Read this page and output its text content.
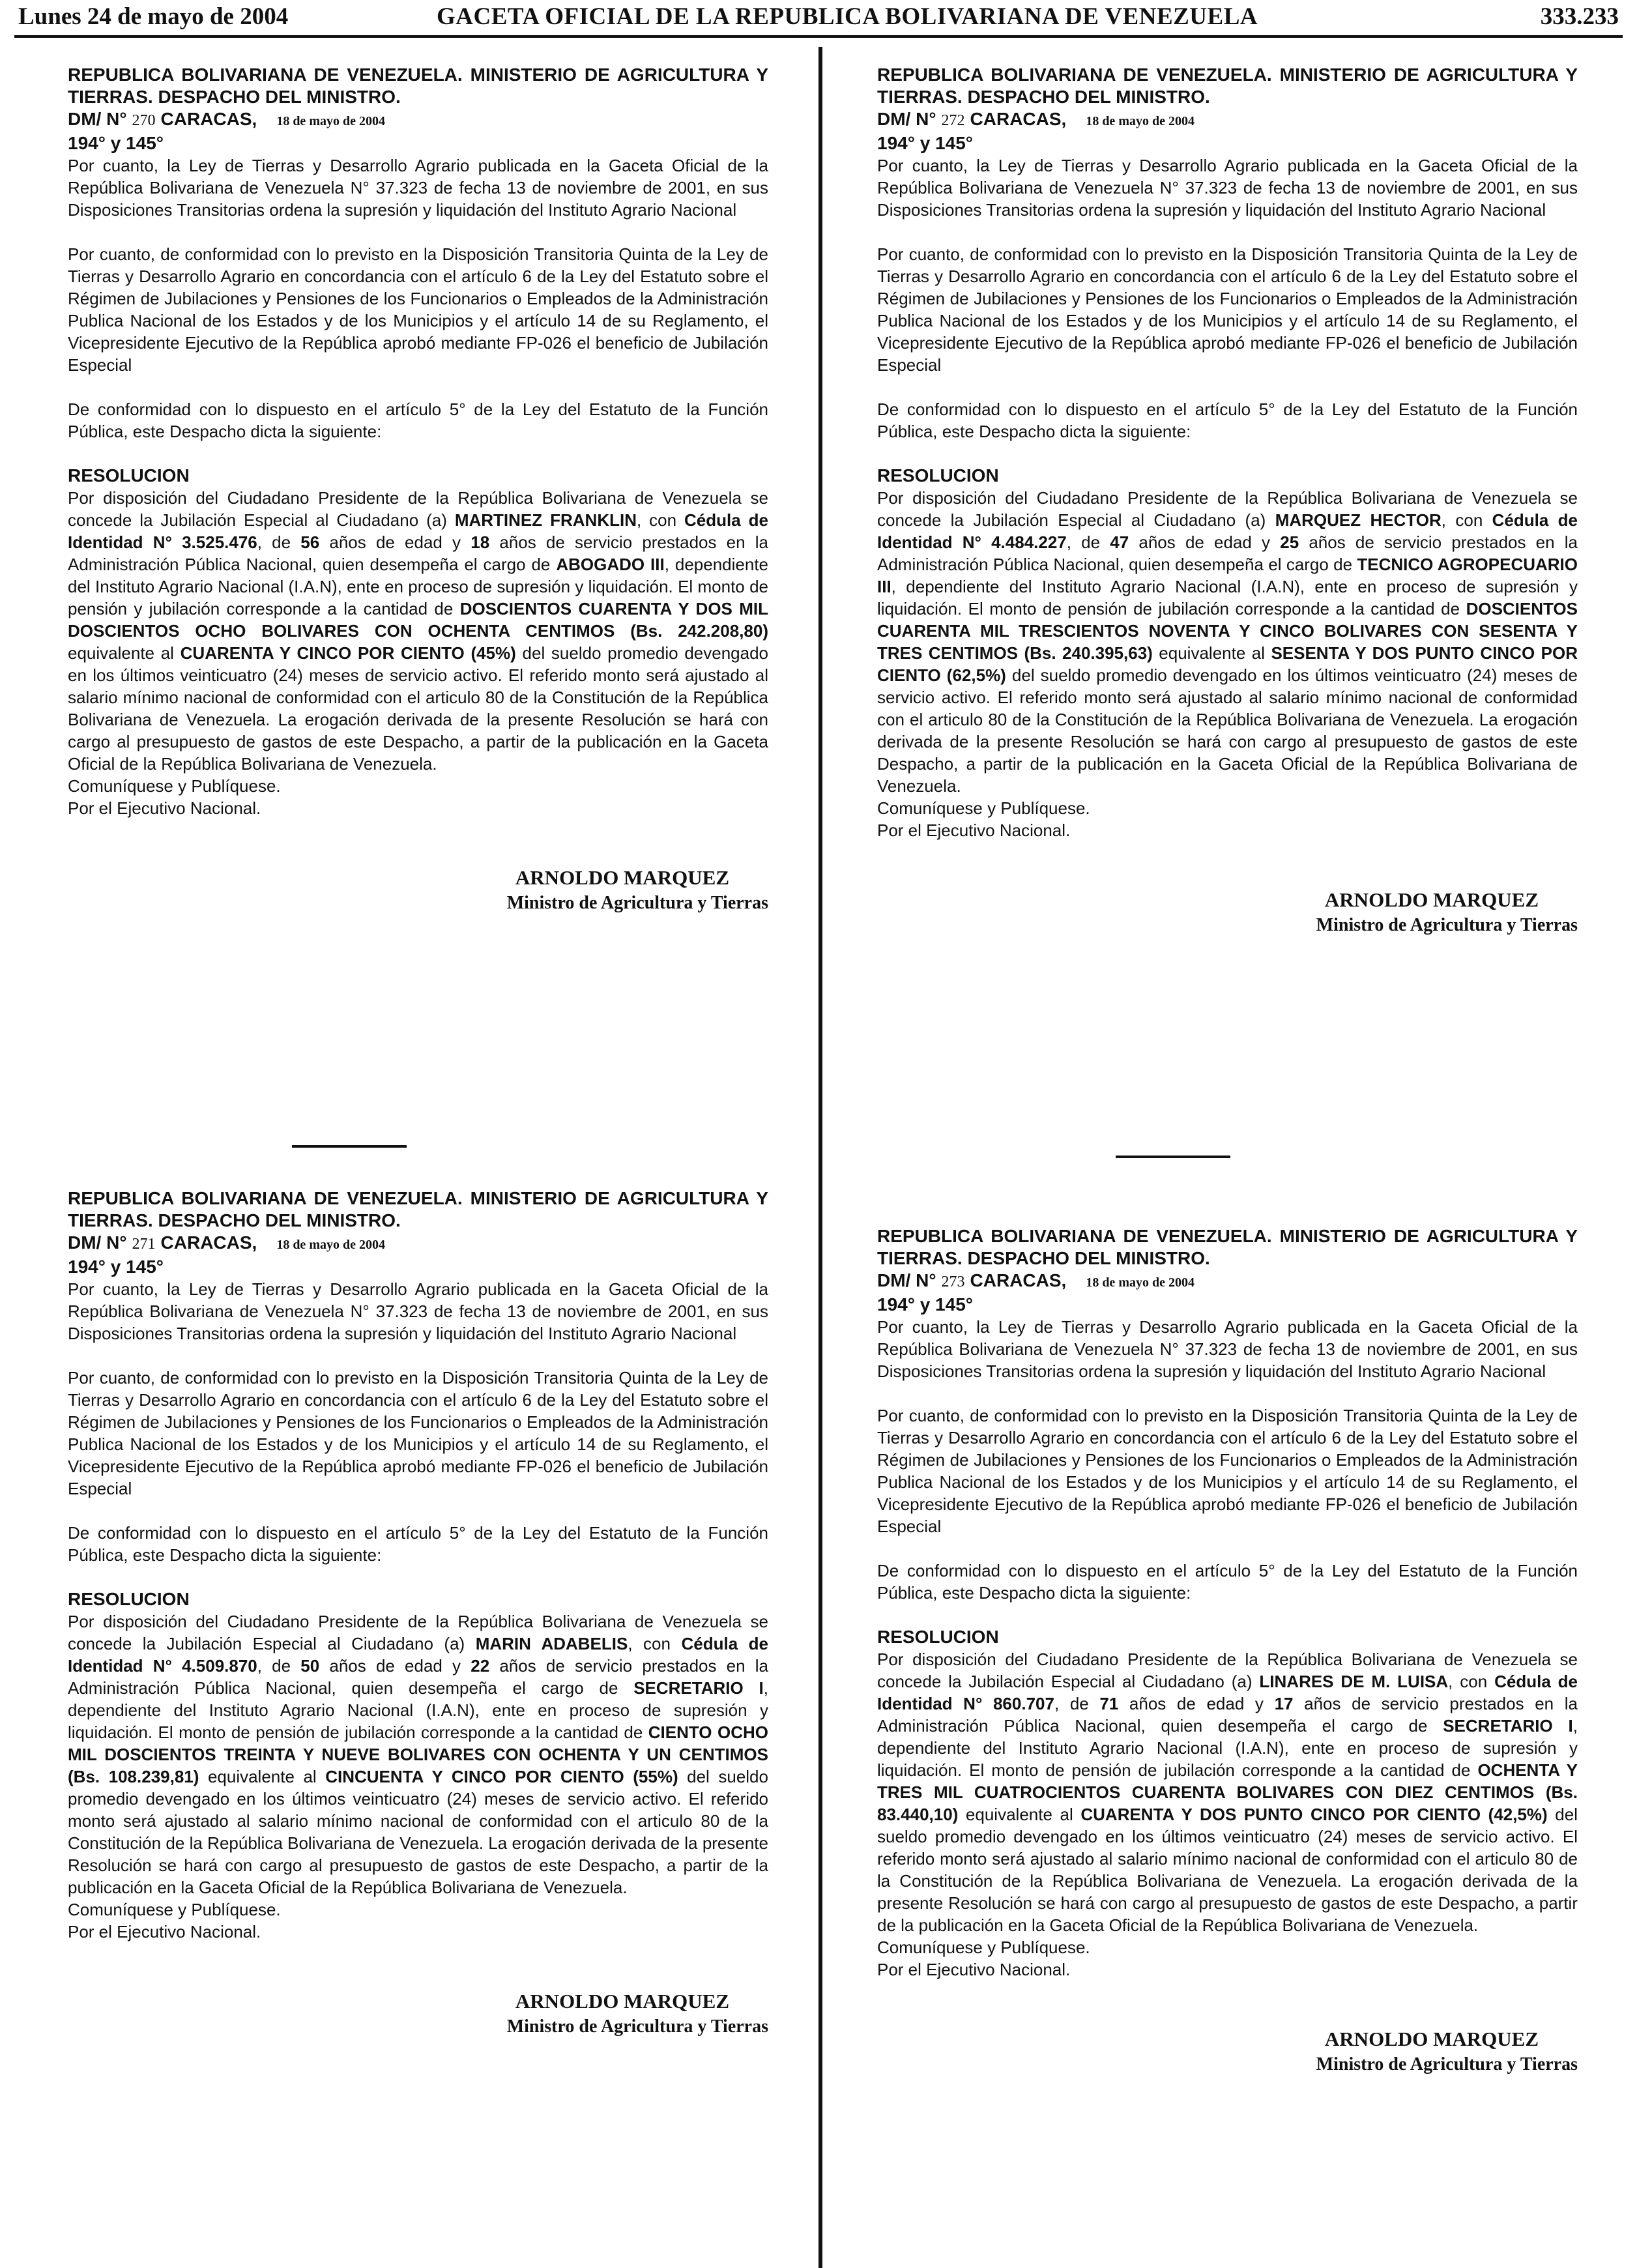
Lunes 24 de mayo de 2004	GACETA OFICIAL DE LA REPUBLICA BOLIVARIANA DE VENEZUELA	333.233

REPUBLICA BOLIVARIANA DE VENEZUELA. MINISTERIO DE AGRICULTURA Y TIERRAS. DESPACHO DEL MINISTRO.
DM/ N° 270 CARACAS, 18 de mayo de 2004

194° y 145°

Por cuanto, la Ley de Tierras y Desarrollo Agrario publicada en la Gaceta Oficial de la República Bolivariana de Venezuela N° 37.323 de fecha 13 de noviembre de 2001, en sus Disposiciones Transitorias ordena la supresión y liquidación del Instituto Agrario Nacional

Por cuanto, de conformidad con lo previsto en la Disposición Transitoria Quinta de la Ley de Tierras y Desarrollo Agrario en concordancia con el artículo 6 de la Ley del Estatuto sobre el Régimen de Jubilaciones y Pensiones de los Funcionarios o Empleados de la Administración Publica Nacional de los Estados y de los Municipios y el artículo 14 de su Reglamento, el Vicepresidente Ejecutivo de la República aprobó mediante FP-026 el beneficio de Jubilación Especial

De conformidad con lo dispuesto en el artículo 5° de la Ley del Estatuto de la Función Pública, este Despacho dicta la siguiente:

RESOLUCION

Por disposición del Ciudadano Presidente de la República Bolivariana de Venezuela se concede la Jubilación Especial al Ciudadano (a) MARTINEZ FRANKLIN, con Cédula de Identidad N° 3.525.476, de 56 años de edad y 18 años de servicio prestados en la Administración Pública Nacional, quien desempeña el cargo de ABOGADO III, dependiente del Instituto Agrario Nacional (I.A.N), ente en proceso de supresión y liquidación. El monto de pensión y jubilación corresponde a la cantidad de DOSCIENTOS CUARENTA Y DOS MIL DOSCIENTOS OCHO BOLIVARES CON OCHENTA CENTIMOS (Bs. 242.208,80) equivalente al CUARENTA Y CINCO POR CIENTO (45%) del sueldo promedio devengado en los últimos veinticuatro (24) meses de servicio activo. El referido monto será ajustado al salario mínimo nacional de conformidad con el articulo 80 de la Constitución de la República Bolivariana de Venezuela. La erogación derivada de la presente Resolución se hará con cargo al presupuesto de gastos de este Despacho, a partir de la publicación en la Gaceta Oficial de la República Bolivariana de Venezuela.

Comuníquese y Publíquese.

Por el Ejecutivo Nacional.

ARNOLDO MARQUEZ
Ministro de Agricultura y Tierras

REPUBLICA BOLIVARIANA DE VENEZUELA. MINISTERIO DE AGRICULTURA Y TIERRAS. DESPACHO DEL MINISTRO.
DM/ N° 271 CARACAS, 18 de mayo de 2004

194° y 145°

Por cuanto, la Ley de Tierras y Desarrollo Agrario publicada en la Gaceta Oficial de la República Bolivariana de Venezuela N° 37.323 de fecha 13 de noviembre de 2001, en sus Disposiciones Transitorias ordena la supresión y liquidación del Instituto Agrario Nacional

Por cuanto, de conformidad con lo previsto en la Disposición Transitoria Quinta de la Ley de Tierras y Desarrollo Agrario en concordancia con el artículo 6 de la Ley del Estatuto sobre el Régimen de Jubilaciones y Pensiones de los Funcionarios o Empleados de la Administración Publica Nacional de los Estados y de los Municipios y el artículo 14 de su Reglamento, el Vicepresidente Ejecutivo de la República aprobó mediante FP-026 el beneficio de Jubilación Especial

De conformidad con lo dispuesto en el artículo 5° de la Ley del Estatuto de la Función Pública, este Despacho dicta la siguiente:

RESOLUCION

Por disposición del Ciudadano Presidente de la República Bolivariana de Venezuela se concede la Jubilación Especial al Ciudadano (a) MARIN ADABELIS, con Cédula de Identidad N° 4.509.870, de 50 años de edad y 22 años de servicio prestados en la Administración Pública Nacional, quien desempeña el cargo de SECRETARIO I, dependiente del Instituto Agrario Nacional (I.A.N), ente en proceso de supresión y liquidación. El monto de pensión de jubilación corresponde a la cantidad de CIENTO OCHO MIL DOSCIENTOS TREINTA Y NUEVE BOLIVARES CON OCHENTA Y UN CENTIMOS (Bs. 108.239,81) equivalente al CINCUENTA Y CINCO POR CIENTO (55%) del sueldo promedio devengado en los últimos veinticuatro (24) meses de servicio activo. El referido monto será ajustado al salario mínimo nacional de conformidad con el articulo 80 de la Constitución de la República Bolivariana de Venezuela. La erogación derivada de la presente Resolución se hará con cargo al presupuesto de gastos de este Despacho, a partir de la publicación en la Gaceta Oficial de la República Bolivariana de Venezuela.

Comuníquese y Publíquese.

Por el Ejecutivo Nacional.

ARNOLDO MARQUEZ
Ministro de Agricultura y Tierras

REPUBLICA BOLIVARIANA DE VENEZUELA. MINISTERIO DE AGRICULTURA Y TIERRAS. DESPACHO DEL MINISTRO.
DM/ N° 272 CARACAS, 18 de mayo de 2004

194° y 145°

Por cuanto, la Ley de Tierras y Desarrollo Agrario publicada en la Gaceta Oficial de la República Bolivariana de Venezuela N° 37.323 de fecha 13 de noviembre de 2001, en sus Disposiciones Transitorias ordena la supresión y liquidación del Instituto Agrario Nacional

Por cuanto, de conformidad con lo previsto en la Disposición Transitoria Quinta de la Ley de Tierras y Desarrollo Agrario en concordancia con el artículo 6 de la Ley del Estatuto sobre el Régimen de Jubilaciones y Pensiones de los Funcionarios o Empleados de la Administración Publica Nacional de los Estados y de los Municipios y el artículo 14 de su Reglamento, el Vicepresidente Ejecutivo de la República aprobó mediante FP-026 el beneficio de Jubilación Especial

De conformidad con lo dispuesto en el artículo 5° de la Ley del Estatuto de la Función Pública, este Despacho dicta la siguiente:

RESOLUCION

Por disposición del Ciudadano Presidente de la República Bolivariana de Venezuela se concede la Jubilación Especial al Ciudadano (a) MARQUEZ HECTOR, con Cédula de Identidad N° 4.484.227, de 47 años de edad y 25 años de servicio prestados en la Administración Pública Nacional, quien desempeña el cargo de TECNICO AGROPECUARIO III, dependiente del Instituto Agrario Nacional (I.A.N), ente en proceso de supresión y liquidación. El monto de pensión de jubilación corresponde a la cantidad de DOSCIENTOS CUARENTA MIL TRESCIENTOS NOVENTA Y CINCO BOLIVARES CON SESENTA Y TRES CENTIMOS (Bs. 240.395,63) equivalente al SESENTA Y DOS PUNTO CINCO POR CIENTO (62,5%) del sueldo promedio devengado en los últimos veinticuatro (24) meses de servicio activo. El referido monto será ajustado al salario mínimo nacional de conformidad con el articulo 80 de la Constitución de la República Bolivariana de Venezuela. La erogación derivada de la presente Resolución se hará con cargo al presupuesto de gastos de este Despacho, a partir de la publicación en la Gaceta Oficial de la República Bolivariana de Venezuela.

Comuníquese y Publíquese.

Por el Ejecutivo Nacional.

ARNOLDO MARQUEZ
Ministro de Agricultura y Tierras

REPUBLICA BOLIVARIANA DE VENEZUELA. MINISTERIO DE AGRICULTURA Y TIERRAS. DESPACHO DEL MINISTRO.
DM/ N° 273 CARACAS, 18 de mayo de 2004

194° y 145°

Por cuanto, la Ley de Tierras y Desarrollo Agrario publicada en la Gaceta Oficial de la República Bolivariana de Venezuela N° 37.323 de fecha 13 de noviembre de 2001, en sus Disposiciones Transitorias ordena la supresión y liquidación del Instituto Agrario Nacional

Por cuanto, de conformidad con lo previsto en la Disposición Transitoria Quinta de la Ley de Tierras y Desarrollo Agrario en concordancia con el artículo 6 de la Ley del Estatuto sobre el Régimen de Jubilaciones y Pensiones de los Funcionarios o Empleados de la Administración Publica Nacional de los Estados y de los Municipios y el artículo 14 de su Reglamento, el Vicepresidente Ejecutivo de la República aprobó mediante FP-026 el beneficio de Jubilación Especial

De conformidad con lo dispuesto en el artículo 5° de la Ley del Estatuto de la Función Pública, este Despacho dicta la siguiente:

RESOLUCION

Por disposición del Ciudadano Presidente de la República Bolivariana de Venezuela se concede la Jubilación Especial al Ciudadano (a) LINARES DE M. LUISA, con Cédula de Identidad N° 860.707, de 71 años de edad y 17 años de servicio prestados en la Administración Pública Nacional, quien desempeña el cargo de SECRETARIO I, dependiente del Instituto Agrario Nacional (I.A.N), ente en proceso de supresión y liquidación. El monto de pensión de jubilación corresponde a la cantidad de OCHENTA Y TRES MIL CUATROCIENTOS CUARENTA BOLIVARES CON DIEZ CENTIMOS (Bs. 83.440,10) equivalente al CUARENTA Y DOS PUNTO CINCO POR CIENTO (42,5%) del sueldo promedio devengado en los últimos veinticuatro (24) meses de servicio activo. El referido monto será ajustado al salario mínimo nacional de conformidad con el articulo 80 de la Constitución de la República Bolivariana de Venezuela. La erogación derivada de la presente Resolución se hará con cargo al presupuesto de gastos de este Despacho, a partir de la publicación en la Gaceta Oficial de la República Bolivariana de Venezuela.

Comuníquese y Publíquese.

Por el Ejecutivo Nacional.

ARNOLDO MARQUEZ
Ministro de Agricultura y Tierras
